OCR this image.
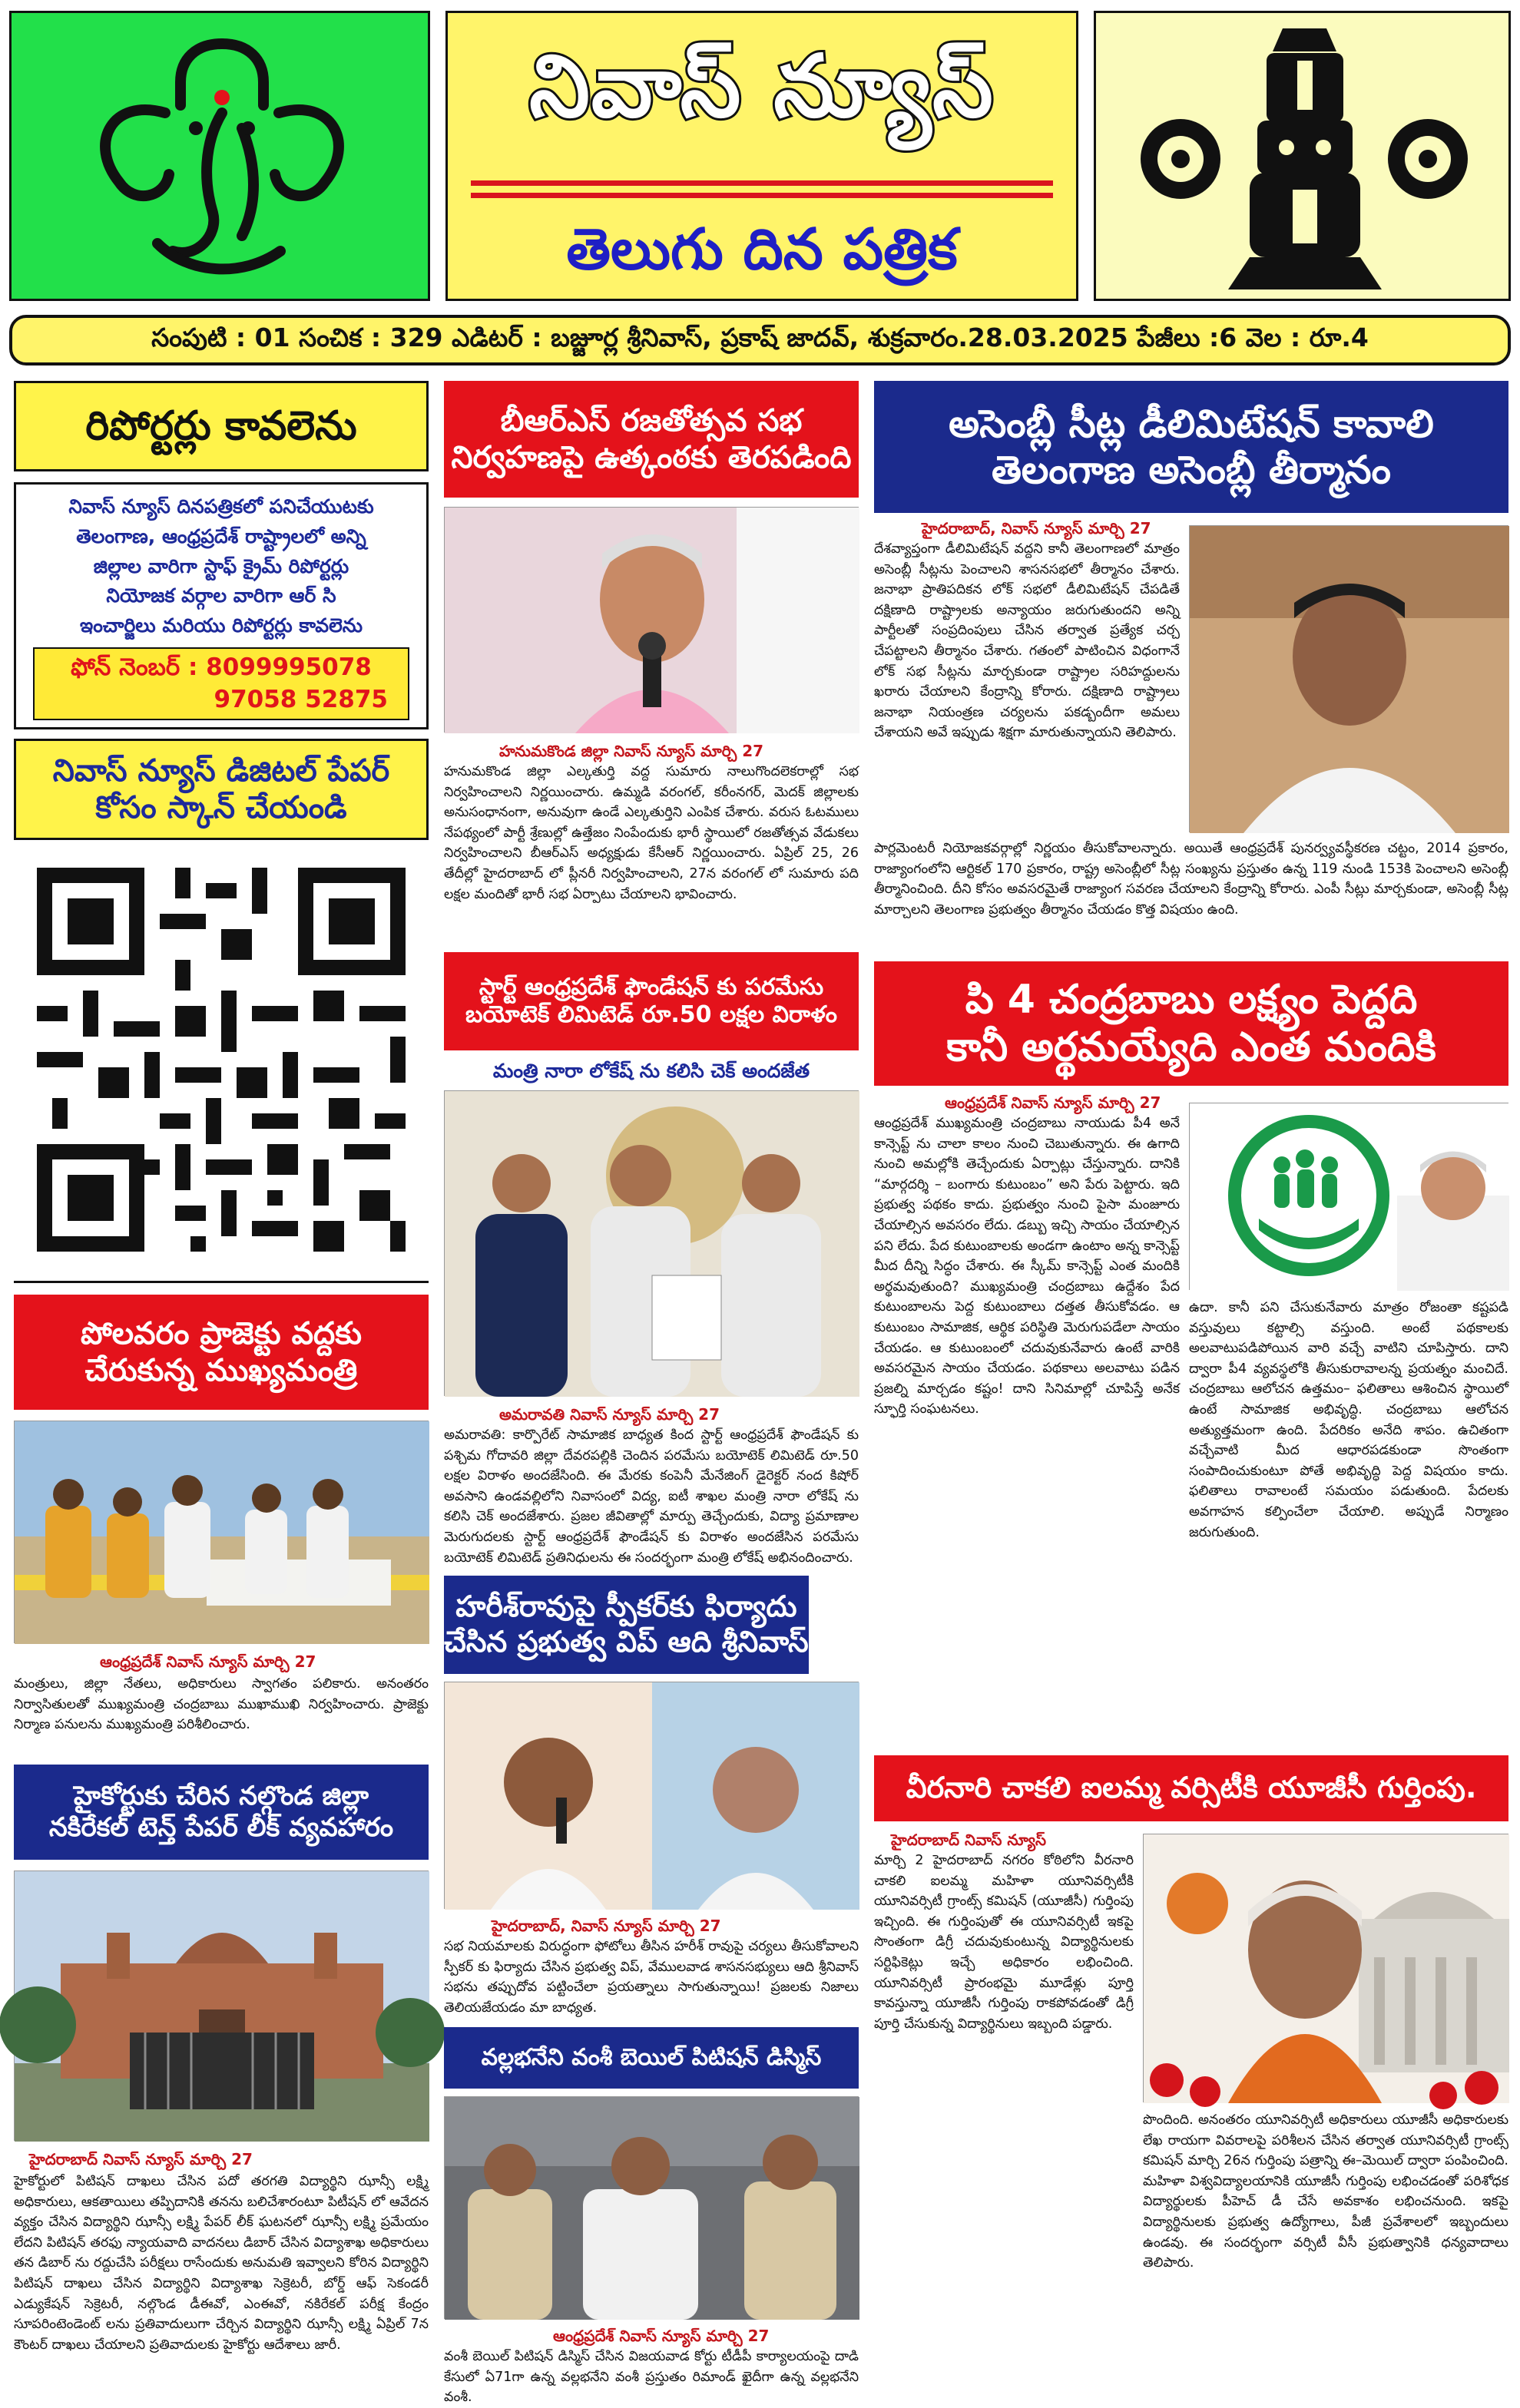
నివాస్ న్యూస్
తెలుగు దిన పత్రిక
సంపుటి : 01 సంచిక : 329 ఎడిటర్ : బజ్జూర్ల శ్రీనివాస్, ప్రకాష్ జాదవ్, శుక్రవారం.28.03.2025 పేజీలు :6 వెల : రూ.4
రిపోర్టర్లు కావలెను
నివాస్ న్యూస్ దినపత్రికలో పనిచేయుటకు
తెలంగాణ, ఆంధ్రప్రదేశ్ రాష్ట్రాలలో అన్ని
జిల్లాల వారిగా స్టాఫ్ క్రైమ్ రిపోర్టర్లు
నియోజక వర్గాల వారిగా ఆర్ సి
ఇంచార్జిలు మరియు రిపోర్టర్లు కావలెను
ఫోన్ నెంబర్ : 8099995078
97058 52875
నివాస్ న్యూస్ డిజిటల్ పేపర్
కోసం స్కాన్ చేయండి
పోలవరం ప్రాజెక్టు వద్దకు
చేరుకున్న ముఖ్యమంత్రి
ఆంధ్రప్రదేశ్ నివాస్ న్యూస్ మార్చి 27
మంత్రులు, జిల్లా నేతలు, అధికారులు స్వాగతం పలికారు. అనంతరం నిర్వాసితులతో ముఖ్యమంత్రి చంద్రబాబు ముఖాముఖి నిర్వహించారు. ప్రాజెక్టు నిర్మాణ పనులను ముఖ్యమంత్రి పరిశీలించారు.
హైకోర్టుకు చేరిన నల్గొండ జిల్లా
నకిరేకల్ టెన్త్ పేపర్ లీక్ వ్యవహారం
హైదరాబాద్ నివాస్ న్యూస్ మార్చి 27
హైకోర్టులో పిటిషన్ దాఖలు చేసిన పదో తరగతి విద్యార్థిని ఝాన్సీ లక్ష్మి అధికారులు, ఆకతాయిలు తప్పిదానికి తనను బలిచేశారంటూ పిటీషన్ లో ఆవేదన వ్యక్తం చేసిన విద్యార్థిని ఝాన్సీ లక్ష్మి పేపర్ లీక్ ఘటనలో ఝాన్సీ లక్ష్మి ప్రమేయం లేదని పిటిషన్ తరఫు న్యాయవాది వాదనలు డిబార్ చేసిన విద్యాశాఖ అధికారులు తన డిబార్ ను రద్దుచేసి పరీక్షలు రాసేందుకు అనుమతి ఇవ్వాలని కోరిన విద్యార్థిని పిటిషన్ దాఖలు చేసిన విద్యార్థిని విద్యాశాఖ సెక్రెటరీ, బోర్డ్ ఆఫ్ సెకండరీ ఎడ్యుకేషన్ సెక్రెటరీ, నల్గొండ డీఈవో, ఎంఈవో, నకిరేకల్ పరీక్ష కేంద్రం సూపరింటెండెంట్ లను ప్రతివాదులుగా చేర్చిన విద్యార్థిని ఝాన్సీ లక్ష్మి ఏప్రిల్ 7న కౌంటర్ దాఖలు చేయాలని ప్రతివాదులకు హైకోర్టు ఆదేశాలు జారీ.
బీఆర్ఎస్ రజతోత్సవ సభ
నిర్వహణపై ఉత్కంఠకు తెరపడింది
హనుమకొండ జిల్లా నివాస్ న్యూస్ మార్చి 27
హనుమకొండ జిల్లా ఎల్కతుర్తి వద్ద సుమారు నాలుగొందలెకరాల్లో సభ నిర్వహించాలని నిర్ణయించారు. ఉమ్మడి వరంగల్, కరీంనగర్, మెదక్ జిల్లాలకు అనుసంధానంగా, అనువుగా ఉండే ఎల్కతుర్తిని ఎంపిక చేశారు. వరుస ఓటములు నేపథ్యంలో పార్టీ శ్రేణుల్లో ఉత్తేజం నింపేందుకు భారీ స్థాయిలో రజతోత్సవ వేడుకలు నిర్వహించాలని బీఆర్ఎస్ అధ్యక్షుడు కేసీఆర్ నిర్ణయించారు. ఏప్రిల్ 25, 26 తేదీల్లో హైదరాబాద్ లో ప్లీనరీ నిర్వహించాలని, 27న వరంగల్ లో సుమారు పది లక్షల మందితో భారీ సభ ఏర్పాటు చేయాలని భావించారు.
స్టార్ట్ ఆంధ్రప్రదేశ్ ఫౌండేషన్ కు పరమేసు
బయోటెక్ లిమిటెడ్ రూ.50 లక్షల విరాళం
మంత్రి నారా లోకేష్ ను కలిసి చెక్ అందజేత
అమరావతి నివాస్ న్యూస్ మార్చి 27
అమరావతి: కార్పొరేట్ సామాజిక బాధ్యత కింద స్టార్ట్ ఆంధ్రప్రదేశ్ ఫౌండేషన్ కు పశ్చిమ గోదావరి జిల్లా దేవరపల్లికి చెందిన పరమేసు బయోటెక్ లిమిటెడ్ రూ.50 లక్షల విరాళం అందజేసింది. ఈ మేరకు కంపెనీ మేనేజింగ్ డైరెక్టర్ నంద కిషోర్ అవసాని ఉండవల్లిలోని నివాసంలో విద్య, ఐటీ శాఖల మంత్రి నారా లోకేష్ ను కలిసి చెక్ అందజేశారు. ప్రజల జీవితాల్లో మార్పు తెచ్చేందుకు, విద్యా ప్రమాణాల మెరుగుదలకు స్టార్ట్ ఆంధ్రప్రదేశ్ ఫౌండేషన్ కు విరాళం అందజేసిన పరమేసు బయోటెక్ లిమిటెడ్ ప్రతినిధులను ఈ సందర్భంగా మంత్రి లోకేష్ అభినందించారు.
హరీశ్‌రావుపై స్పీకర్‌కు ఫిర్యాదు
చేసిన ప్రభుత్వ విప్ ఆది శ్రీనివాస్
హైదరాబాద్, నివాస్ న్యూస్ మార్చి 27
సభ నియమాలకు విరుద్ధంగా ఫోటోలు తీసిన హరీశ్ రావుపై చర్యలు తీసుకోవాలని స్పీకర్ కు ఫిర్యాదు చేసిన ప్రభుత్వ విప్, వేములవాడ శాసనసభ్యులు ఆది శ్రీనివాస్ సభను తప్పుదోవ పట్టించేలా ప్రయత్నాలు సాగుతున్నాయి! ప్రజలకు నిజాలు తెలియజేయడం మా బాధ్యత.
వల్లభనేని వంశీ బెయిల్ పిటిషన్ డిస్మిస్
ఆంధ్రప్రదేశ్ నివాస్ న్యూస్ మార్చి 27
వంశీ బెయిల్ పిటిషన్ డిస్మిస్ చేసిన విజయవాడ కోర్టు టీడీపీ కార్యాలయంపై దాడి కేసులో ఏ71గా ఉన్న వల్లభనేని వంశీ ప్రస్తుతం రిమాండ్ ఖైదీగా ఉన్న వల్లభనేని వంశీ.
అసెంబ్లీ సీట్ల డీలిమిటేషన్ కావాలి
తెలంగాణ అసెంబ్లీ తీర్మానం
హైదరాబాద్, నివాస్ న్యూస్ మార్చి 27
దేశవ్యాప్తంగా డీలిమిటేషన్ వద్దని కానీ తెలంగాణలో మాత్రం అసెంబ్లీ సీట్లను పెంచాలని శాసనసభలో తీర్మానం చేశారు. జనాభా ప్రాతిపదికన లోక్ సభలో డీలిమిటేషన్ చేపడితే దక్షిణాది రాష్ట్రాలకు అన్యాయం జరుగుతుందని అన్ని పార్టీలతో సంప్రదింపులు చేసిన తర్వాత ప్రత్యేక చర్చ చేపట్టాలని తీర్మానం చేశారు. గతంలో పాటించిన విధంగానే లోక్ సభ సీట్లను మార్చకుండా రాష్ట్రాల సరిహద్దులను ఖరారు చేయాలని కేంద్రాన్ని కోరారు. దక్షిణాది రాష్ట్రాలు జనాభా నియంత్రణ చర్యలను పకడ్బందీగా అమలు చేశాయని అవే ఇప్పుడు శిక్షగా మారుతున్నాయని తెలిపారు.
పార్లమెంటరీ నియోజకవర్గాల్లో నిర్ణయం తీసుకోవాలన్నారు. అయితే ఆంధ్రప్రదేశ్ పునర్వ్యవస్థీకరణ చట్టం, 2014 ప్రకారం, రాజ్యాంగంలోని ఆర్టికల్ 170 ప్రకారం, రాష్ట్ర అసెంబ్లీలో సీట్ల సంఖ్యను ప్రస్తుతం ఉన్న 119 నుండి 153కి పెంచాలని అసెంబ్లీ తీర్మానించింది. దీని కోసం అవసరమైతే రాజ్యాంగ సవరణ చేయాలని కేంద్రాన్ని కోరారు. ఎంపీ సీట్లు మార్చకుండా, అసెంబ్లీ సీట్ల మార్చాలని తెలంగాణ ప్రభుత్వం తీర్మానం చేయడం కొత్త విషయం ఉంది.
పి 4 చంద్రబాబు లక్ష్యం పెద్దది
కానీ అర్థమయ్యేది ఎంత మందికి
ఆంధ్రప్రదేశ్ నివాస్ న్యూస్ మార్చి 27
ఆంధ్రప్రదేశ్ ముఖ్యమంత్రి చంద్రబాబు నాయుడు పీ4 అనే కాన్సెప్ట్ ను చాలా కాలం నుంచి చెబుతున్నారు. ఈ ఉగాది నుంచి అమల్లోకి తెచ్చేందుకు ఏర్పాట్లు చేస్తున్నారు. దానికి “మార్గదర్శి – బంగారు కుటుంబం” అని పేరు పెట్టారు. ఇది ప్రభుత్వ పథకం కాదు. ప్రభుత్వం నుంచి పైసా మంజూరు చేయాల్సిన అవసరం లేదు. డబ్బు ఇచ్చి సాయం చేయాల్సిన పని లేదు. పేద కుటుంబాలకు అండగా ఉంటాం అన్న కాన్సెప్ట్ మీద దీన్ని సిద్ధం చేశారు. ఈ స్కీమ్ కాన్సెప్ట్ ఎంత మందికి అర్థమవుతుంది? ముఖ్యమంత్రి చంద్రబాబు ఉద్దేశం పేద కుటుంబాలను పెద్ద కుటుంబాలు దత్తత తీసుకోవడం. ఆ కుటుంబం సామాజిక, ఆర్థిక పరిస్థితి మెరుగుపడేలా సాయం చేయడం. ఆ కుటుంబంలో చదువుకునేవారు ఉంటే వారికి అవసరమైన సాయం చేయడం. పథకాలు అలవాటు పడిన ప్రజల్ని మార్చడం కష్టం! దాని సినిమాల్లో చూపిస్తే అనేక స్ఫూర్తి సంఘటనలు.
ఉదా. కానీ పని చేసుకునేవారు మాత్రం రోజంతా కష్టపడి వస్తువులు కట్టాల్సి వస్తుంది. అంటే పథకాలకు అలవాటుపడిపోయిన వారి వచ్చే వాటిని చూపిస్తారు. దాని ద్వారా పీ4 వ్యవస్థలోకి తీసుకురావాలన్న ప్రయత్నం మంచిదే. చంద్రబాబు ఆలోచన ఉత్తమం– ఫలితాలు ఆశించిన స్థాయిలో ఉంటే సామాజిక అభివృద్ధి. చంద్రబాబు ఆలోచన అత్యుత్తమంగా ఉంది. పేదరికం అనేది శాపం. ఉచితంగా వచ్చేవాటి మీద ఆధారపడకుండా సొంతంగా సంపాదించుకుంటూ పోతే అభివృద్ధి పెద్ద విషయం కాదు. ఫలితాలు రావాలంటే సమయం పడుతుంది. పేదలకు అవగాహన కల్పించేలా చేయాలి. అప్పుడే నిర్మాణం జరుగుతుంది.
వీరనారి చాకలి ఐలమ్మ వర్సిటీకి యూజీసీ గుర్తింపు.
హైదరాబాద్ నివాస్ న్యూస్
మార్చి 2 హైదరాబాద్ నగరం కోఠిలోని వీరనారి చాకలి ఐలమ్మ మహిళా యూనివర్సిటీకి యూనివర్సిటీ గ్రాంట్స్ కమిషన్ (యూజీసీ) గుర్తింపు ఇచ్చింది. ఈ గుర్తింపుతో ఈ యూనివర్సిటీ ఇకపై సొంతంగా డిగ్రీ చదువుకుంటున్న విద్యార్థినులకు సర్టిఫికెట్లు ఇచ్చే అధికారం లభించింది. యూనివర్సిటీ ప్రారంభమై మూడేళ్లు పూర్తి కావస్తున్నా యూజీసీ గుర్తింపు రాకపోవడంతో డిగ్రీ పూర్తి చేసుకున్న విద్యార్థినులు ఇబ్బంది పడ్డారు.
పొందింది. అనంతరం యూనివర్సిటీ అధికారులు యూజీసీ అధికారులకు లేఖ రాయగా వివరాలపై పరిశీలన చేసిన తర్వాత యూనివర్సిటీ గ్రాంట్స్ కమిషన్ మార్చి 26న గుర్తింపు పత్రాన్ని ఈ–మెయిల్ ద్వారా పంపించింది. మహిళా విశ్వవిద్యాలయానికి యూజీసీ గుర్తింపు లభించడంతో పరిశోధక విద్యార్థులకు పీహెచ్ డీ చేసే అవకాశం లభించనుంది. ఇకపై విద్యార్థినులకు ప్రభుత్వ ఉద్యోగాలు, పీజీ ప్రవేశాలలో ఇబ్బందులు ఉండవు. ఈ సందర్భంగా వర్సిటీ వీసీ ప్రభుత్వానికి ధన్యవాదాలు తెలిపారు.
